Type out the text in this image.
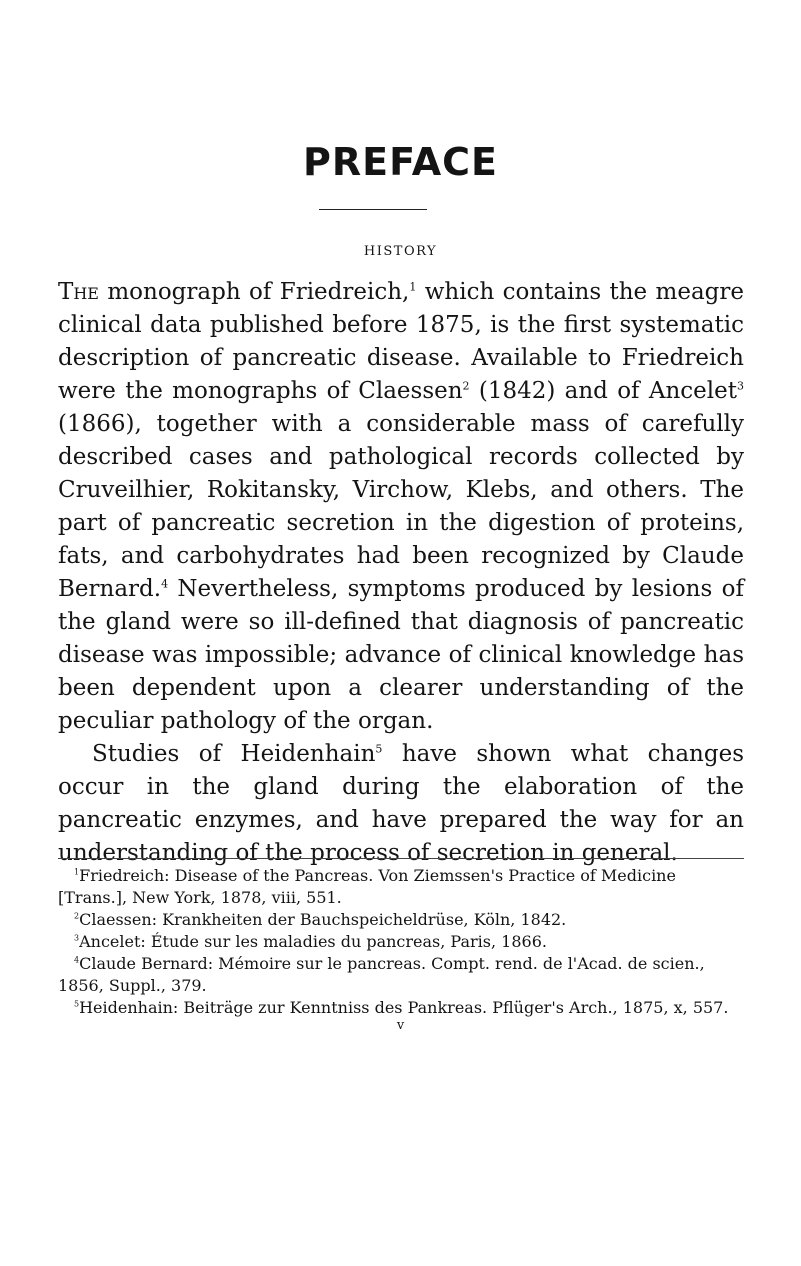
PREFACE
HISTORY

The monograph of Friedreich,$^1$ which contains the meagre clinical data published before 1875, is the first systematic description of pancreatic disease. Available to Friedreich were the monographs of Claessen$^2$ (1842) and of Ancelet$^3$ (1866), together with a considerable mass of carefully described cases and pathological records collected by Cruveilhier, Rokitansky, Virchow, Klebs, and others. The part of pancreatic secretion in the digestion of proteins, fats, and carbohydrates had been recognized by Claude Bernard.$^4$ Nevertheless, symptoms produced by lesions of the gland were so ill-defined that diagnosis of pancreatic disease was impossible; advance of clinical knowledge has been dependent upon a clearer understanding of the peculiar pathology of the organ.

Studies of Heidenhain$^5$ have shown what changes occur in the gland during the elaboration of the pancreatic enzymes, and have prepared the way for an understanding of the process of secretion in general.

$^1$Friedreich: Disease of the Pancreas. Von Ziemssen's Practice of Medicine [Trans.], New York, 1878, viii, 551.

$^2$Claessen: Krankheiten der Bauchspeicheldrüse, Köln, 1842.

$^3$Ancelet: Étude sur les maladies du pancreas, Paris, 1866.

$^4$Claude Bernard: Mémoire sur le pancreas. Compt. rend. de l'Acad. de scien., 1856, Suppl., 379.

$^5$Heidenhain: Beiträge zur Kenntniss des Pankreas. Pflüger's Arch., 1875, x, 557.

v
